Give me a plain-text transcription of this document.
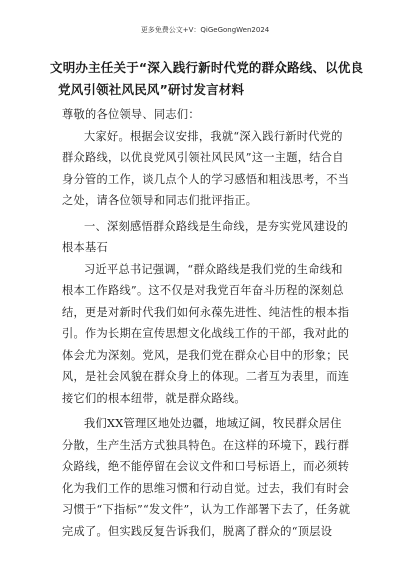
更多免费公文+V：QiGeGongWen2024
文明办主任关于“深入践行新时代党的群众路线、以优良
党风引领社风民风”研讨发言材料

尊敬的各位领导、同志们：

大家好。根据会议安排，我就“深入践行新时代党的群众路线，以优良党风引领社风民风”这一主题，结合自身分管的工作，谈几点个人的学习感悟和粗浅思考，不当之处，请各位领导和同志们批评指正。

一、深刻感悟群众路线是生命线，是夯实党风建设的根本基石

习近平总书记强调，“群众路线是我们党的生命线和根本工作路线”。这不仅是对我党百年奋斗历程的深刻总结，更是对新时代我们如何永葆先进性、纯洁性的根本指引。作为长期在宣传思想文化战线工作的干部，我对此的体会尤为深刻。党风，是我们党在群众心目中的形象；民风，是社会风貌在群众身上的体现。二者互为表里，而连接它们的根本纽带，就是群众路线。

我们XX管理区地处边疆，地域辽阔，牧民群众居住分散，生产生活方式独具特色。在这样的环境下，践行群众路线，绝不能停留在会议文件和口号标语上，而必须转化为我们工作的思维习惯和行动自觉。过去，我们有时会习惯于“下指标”“发文件”，认为工作部署下去了，任务就完成了。但实践反复告诉我们，脱离了群众的“顶层设
